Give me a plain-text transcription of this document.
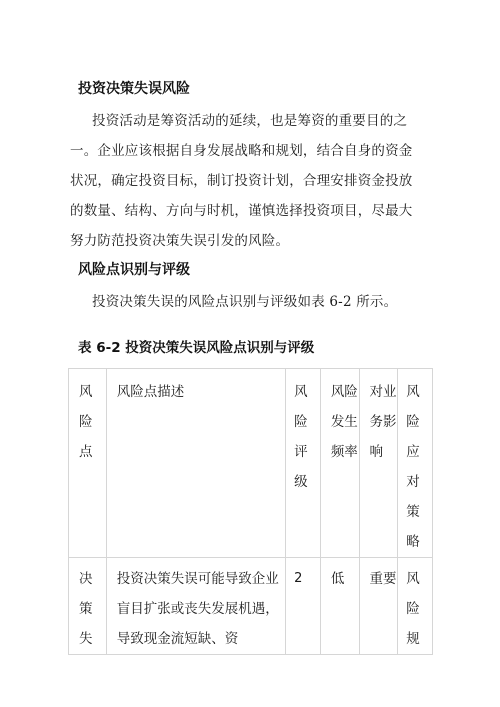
投资决策失误风险
投资活动是筹资活动的延续，也是筹资的重要目的之
一。企业应该根据自身发展战略和规划，结合自身的资金
状况，确定投资目标，制订投资计划，合理安排资金投放
的数量、结构、方向与时机，谨慎选择投资项目，尽最大
努力防范投资决策失误引发的风险。
风险点识别与评级
投资决策失误的风险点识别与评级如表 6-2 所示。
表 6-2 投资决策失误风险点识别与评级
风险点	风险点描述	风险评级	风险发生频率	对业务影响	风险应对策略
决策失	投资决策失误可能导致企业盲目扩张或丧失发展机遇，导致现金流短缺、资	2	低	重要	风险规
